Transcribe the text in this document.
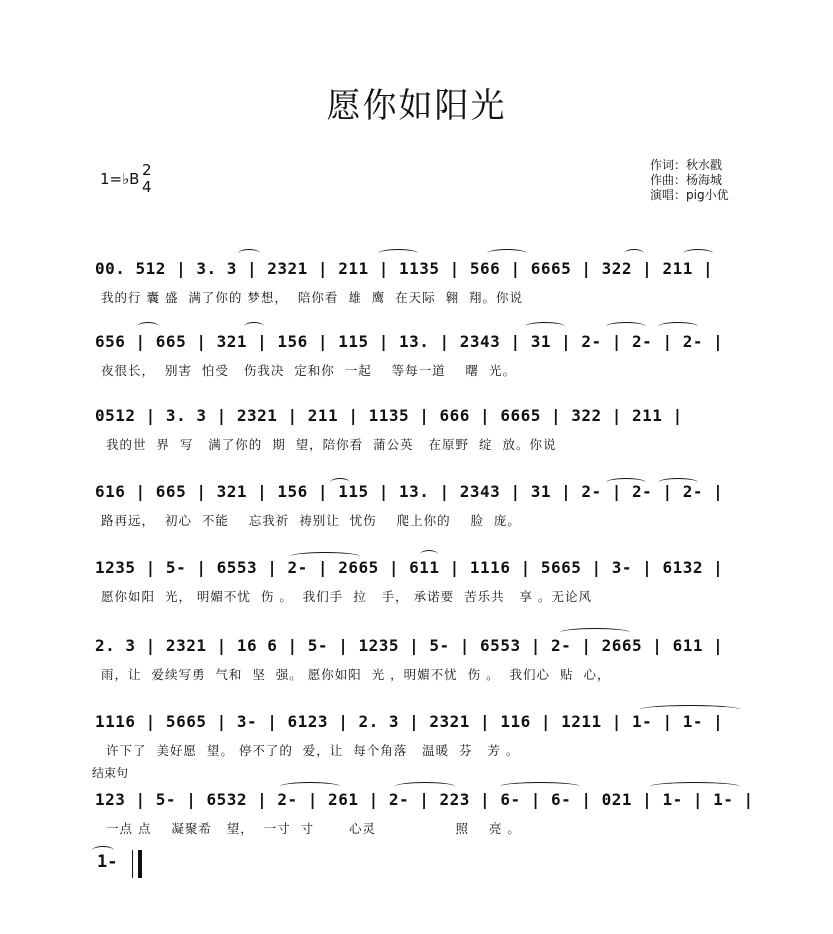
愿你如阳光
1=♭B 2
4
作词：秋水戳
作曲：杨海城
演唱：pig小优
00. 512 | 3. 3 | 2321 | 211 | 1135 | 566 | 6665 | 322 | 211 |
我的行 囊 盛  满了你的 梦想，  陪你看  雄  鹰  在天际  翱  翔。你说
656 | 665 | 321 | 156 | 115 | 13. | 2343 | 31 | 2- | 2- | 2- |
夜很长，  别害  怕受   伤我决  定和你  一起    等每一道    曙  光。
0512 | 3. 3 | 2321 | 211 | 1135 | 666 | 6665 | 322 | 211 |
我的世  界  写   满了你的  期  望，陪你看  蒲公英   在原野  绽  放。你说
616 | 665 | 321 | 156 | 115 | 13. | 2343 | 31 | 2- | 2- | 2- |
路再远，  初心  不能    忘我祈  祷别让  忧伤    爬上你的    脸  庞。
1235 | 5- | 6553 | 2- | 2665 | 611 | 1116 | 5665 | 3- | 6132 |
愿你如阳  光， 明媚不忧  伤 。  我们手  拉   手， 承诺要  苦乐共   享 。无论风
2. 3 | 2321 | 16 6 | 5- | 1235 | 5- | 6553 | 2- | 2665 | 611 |
雨，让  爱续写勇  气和  坚  强。 愿你如阳  光 ，明媚不忧  伤 。  我们心  贴  心，
1116 | 5665 | 3- | 6123 | 2. 3 | 2321 | 116 | 1211 | 1- | 1- |
许下了  美好愿  望。 停不了的  爱，让  每个角落   温暖  芬   芳 。
结束句
123 | 5- | 6532 | 2- | 261 | 2- | 223 | 6- | 6- | 021 | 1- | 1- |
一点 点    凝聚希   望，  一寸  寸       心灵                照    亮 。
1-
